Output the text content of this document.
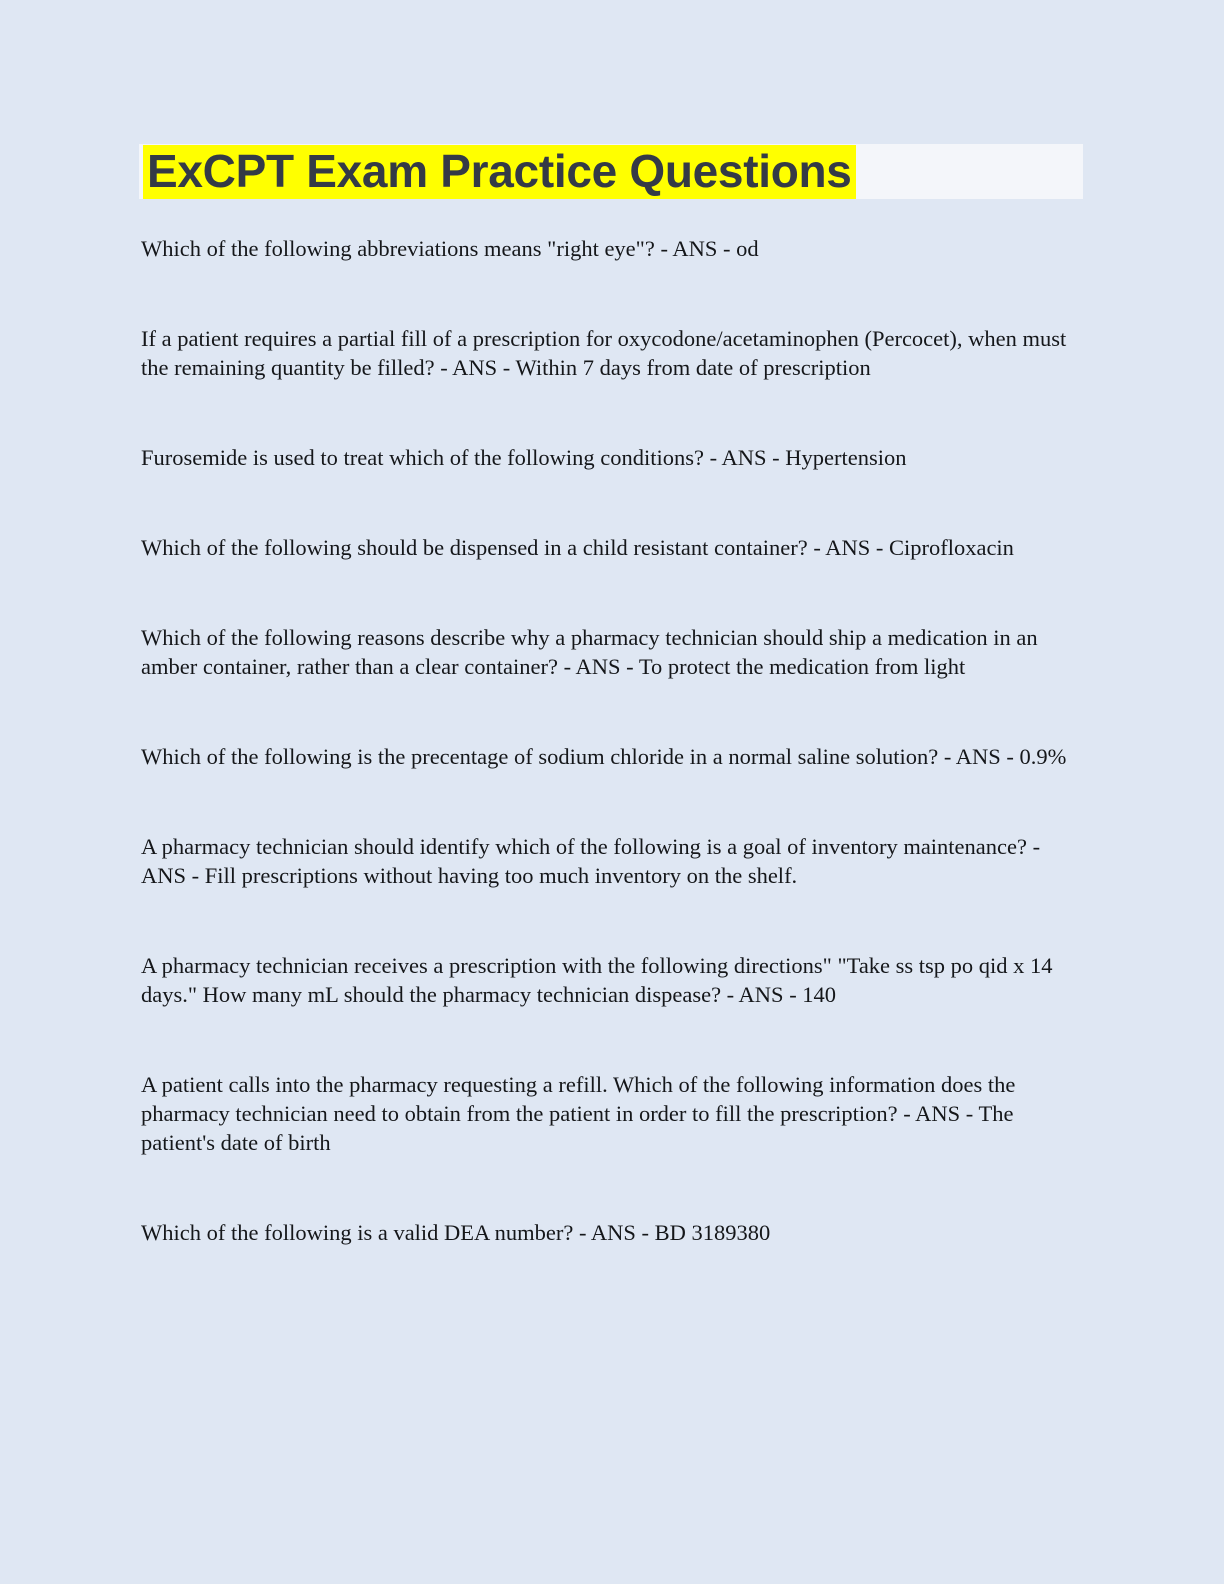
ExCPT Exam Practice Questions

Which of the following abbreviations means "right eye"? - ANS - od

If a patient requires a partial fill of a prescription for oxycodone/acetaminophen (Percocet), when must the remaining quantity be filled? - ANS - Within 7 days from date of prescription

Furosemide is used to treat which of the following conditions? - ANS - Hypertension

Which of the following should be dispensed in a child resistant container? - ANS - Ciprofloxacin

Which of the following reasons describe why a pharmacy technician should ship a medication in an amber container, rather than a clear container? - ANS - To protect the medication from light

Which of the following is the precentage of sodium chloride in a normal saline solution? - ANS - 0.9%

A pharmacy technician should identify which of the following is a goal of inventory maintenance? - ANS - Fill prescriptions without having too much inventory on the shelf.

A pharmacy technician receives a prescription with the following directions" "Take ss tsp po qid x 14 days." How many mL should the pharmacy technician dispease? - ANS - 140

A patient calls into the pharmacy requesting a refill. Which of the following information does the pharmacy technician need to obtain from the patient in order to fill the prescription? - ANS - The patient's date of birth

Which of the following is a valid DEA number? - ANS - BD 3189380
